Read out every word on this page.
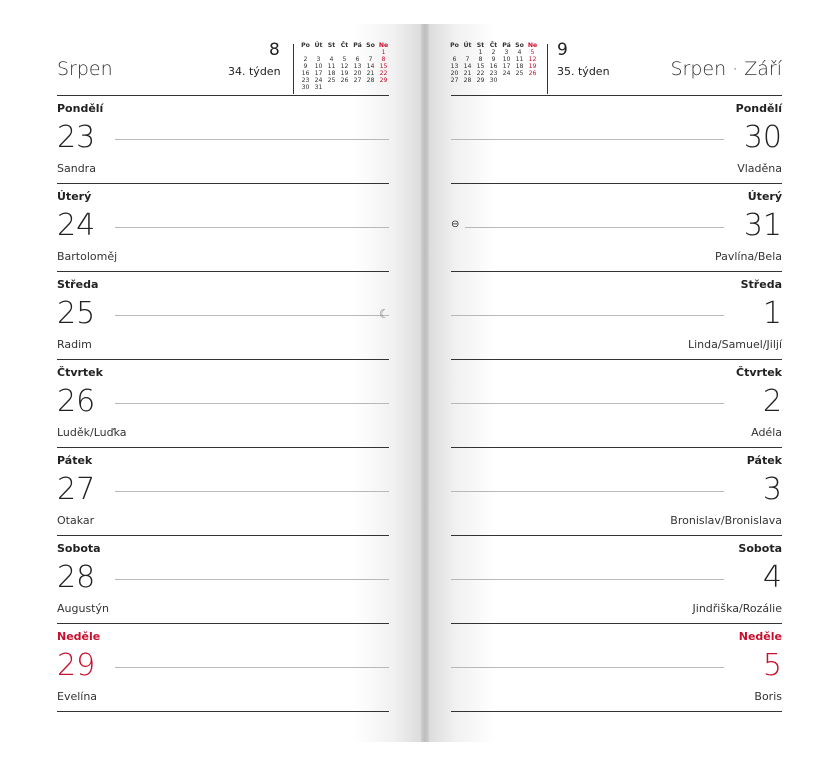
Srpen
8
34. týden
Po	Út	St	Čt	Pá	So	Ne
						1
2	3	4	5	6	7	8
9	10	11	12	13	14	15
16	17	18	19	20	21	22
23	24	25	26	27	28	29
30	31					
Po	Út	St	Čt	Pá	So	Ne
		1	2	3	4	5
6	7	8	9	10	11	12
13	14	15	16	17	18	19
20	21	22	23	24	25	26
27	28	29	30			
9
35. týden	Srpen · Září
Pondělí
23
Sandra
Úterý
24
Bartoloměj
Středa
25
Radim
☾
Čtvrtek
26
Luděk/Luďka
Pátek
27
Otakar
Sobota
28
Augustýn
Neděle
29
Evelína
Pondělí
30
Vladěna
Úterý
31
Pavlína/Bela
⊖
Středa
1
Linda/Samuel/Jiljí
Čtvrtek
2
Adéla
Pátek
3
Bronislav/Bronislava
Sobota
4
Jindřiška/Rozálie
Neděle
5
Boris
